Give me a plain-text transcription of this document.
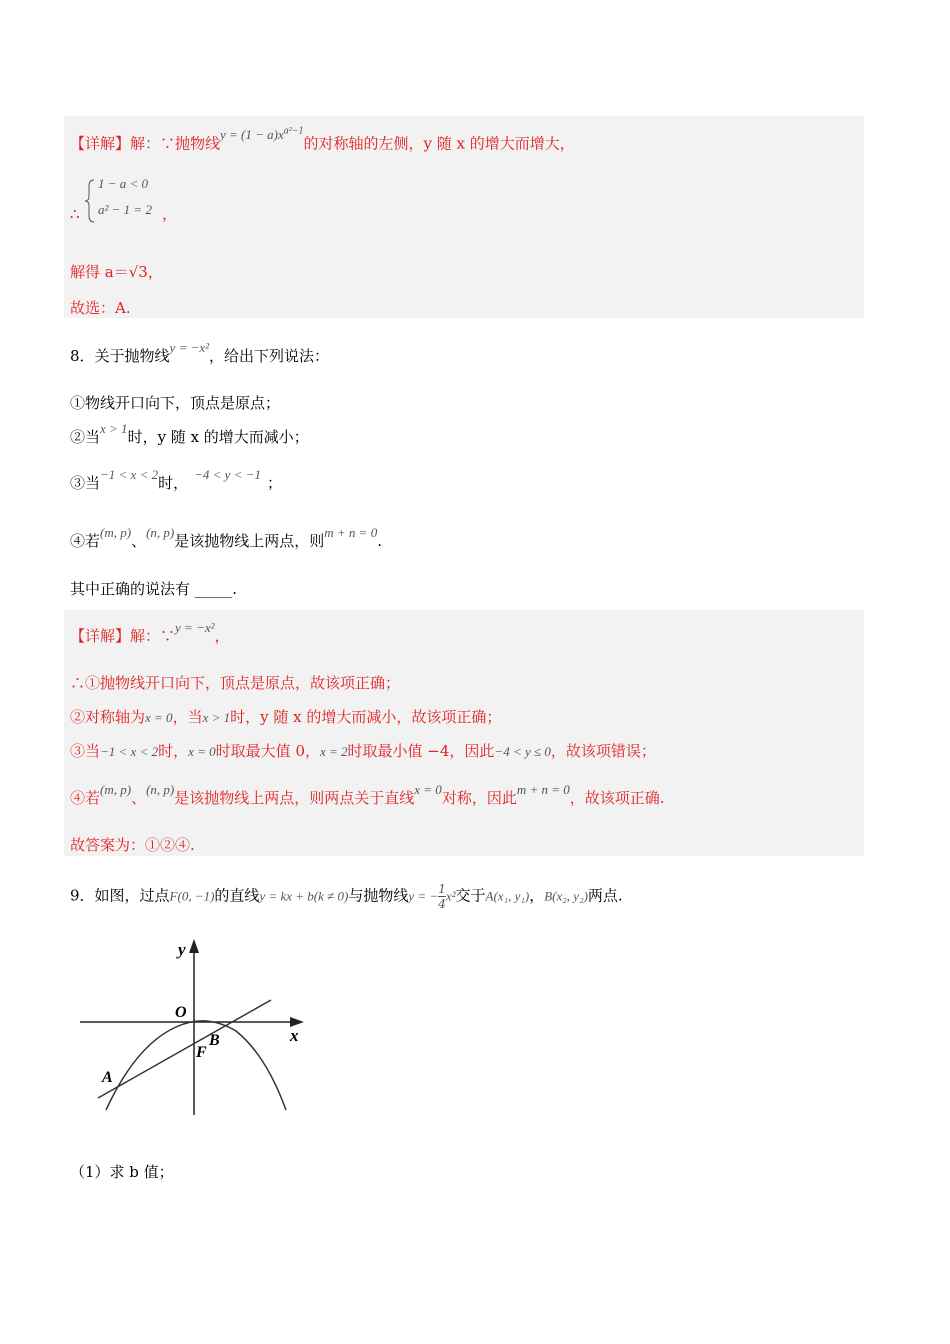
【详解】解：∵抛物线$y = (1 - a)x^{a^2-1}$的对称轴的左侧，y 随 x 的增大而增大，
∴
1 − a < 0
a² − 1 = 2 ，
解得 a＝√3，
故选：A.
8．关于抛物线y = −x²，给出下列说法：
①物线开口向下，顶点是原点；
②当x > 1时，y 随 x 的增大而减小；
③当−1 < x < 2时， −4 < y < −1 ；
④若(m, p)、(n, p)是该抛物线上两点，则m + n = 0.
其中正确的说法有 _____.
【详解】解：∵y = −x²，
∴①抛物线开口向下，顶点是原点，故该项正确；
②对称轴为x = 0，当x > 1时，y 随 x 的增大而减小，故该项正确；
③当−1 < x < 2时，x = 0时取最大值 0，x = 2时取最小值 −4，因此−4 < y ≤ 0，故该项错误；
④若(m, p)、(n, p)是该抛物线上两点，则两点关于直线x = 0对称，因此m + n = 0，故该项正确.
故答案为：①②④.
9．如图，过点F(0, −1)的直线y = kx + b(k ≠ 0)与抛物线y = − $\frac{1}{4} x^2$交于A(x₁, y₁)，B(x₂, y₂)两点.
y
x
O
F
B
A
（1）求 b 值；
